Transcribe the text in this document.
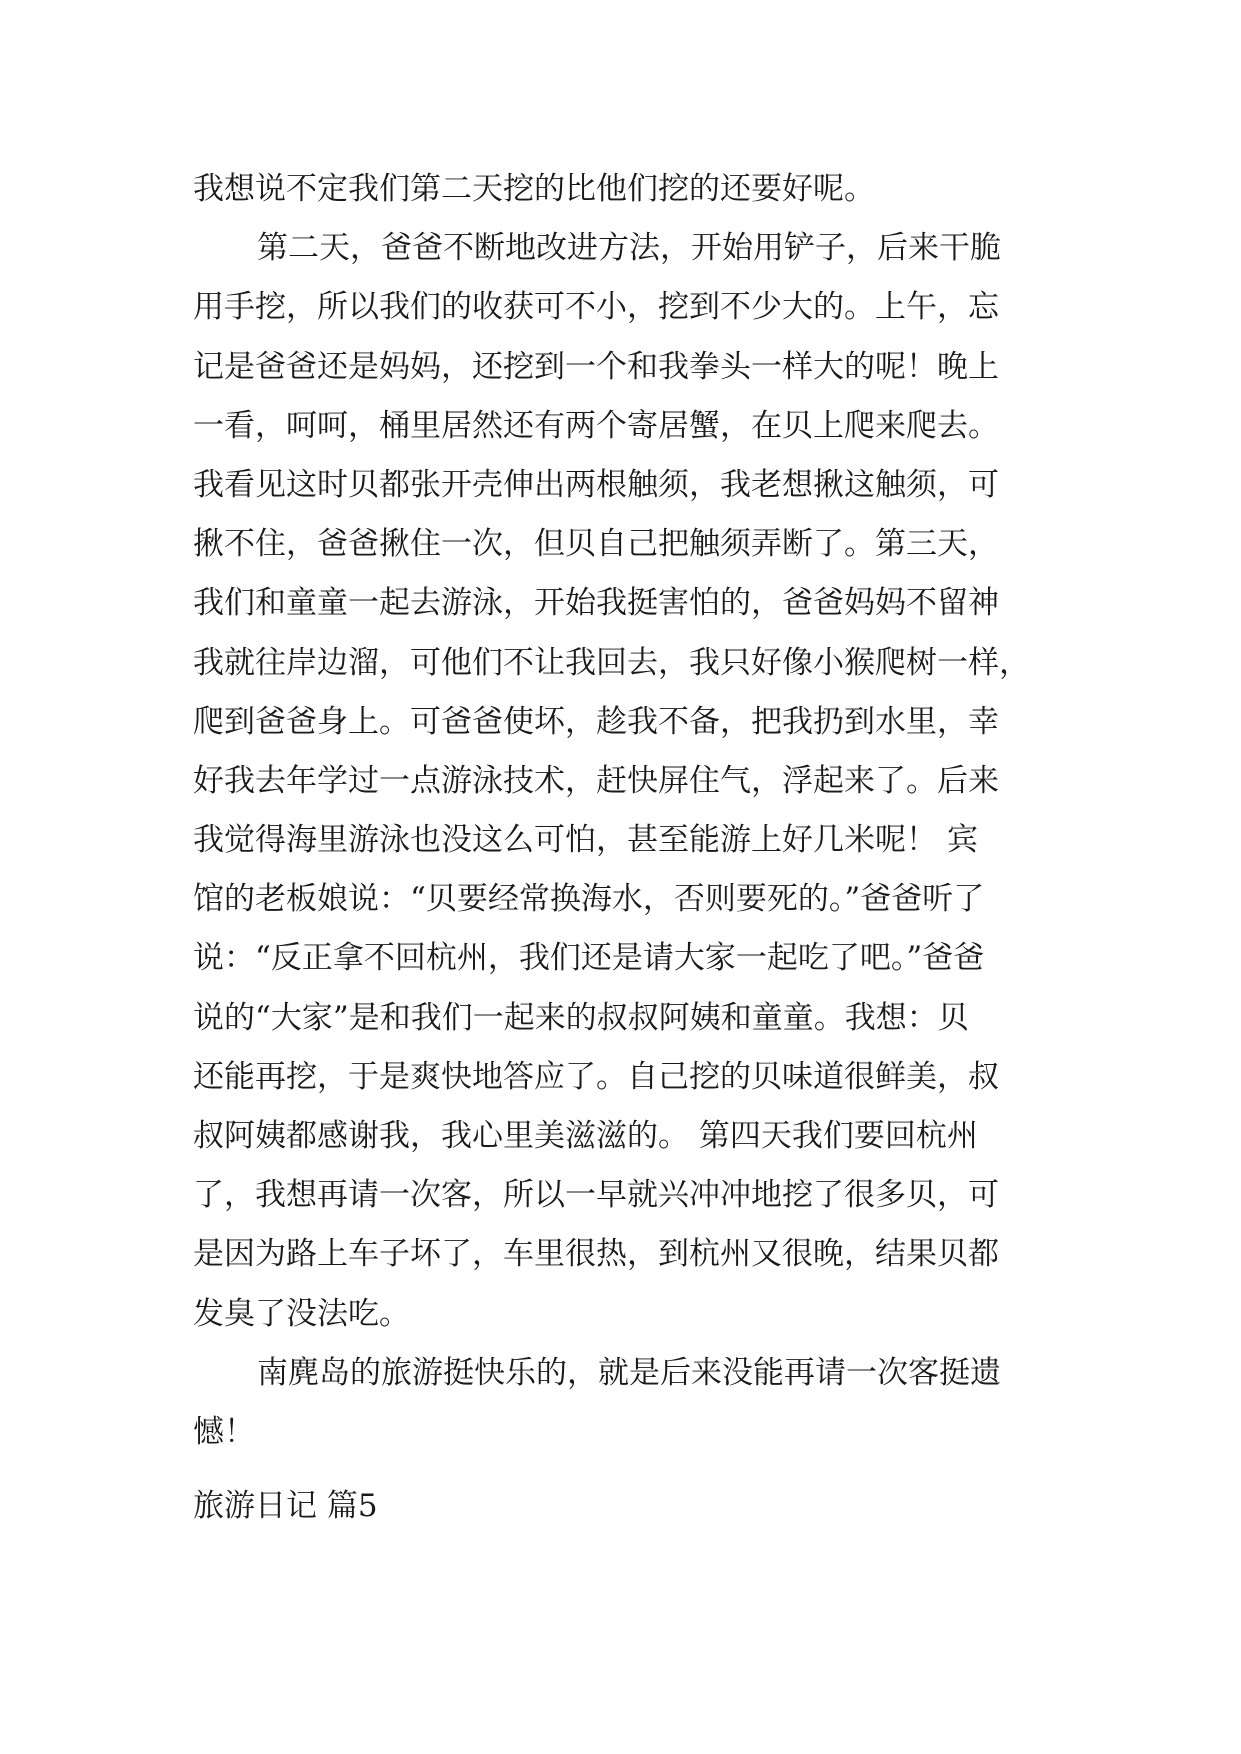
我想说不定我们第二天挖的比他们挖的还要好呢。
第二天，爸爸不断地改进方法，开始用铲子，后来干脆
用手挖，所以我们的收获可不小，挖到不少大的。上午，忘
记是爸爸还是妈妈，还挖到一个和我拳头一样大的呢！晚上
一看，呵呵，桶里居然还有两个寄居蟹，在贝上爬来爬去。
我看见这时贝都张开壳伸出两根触须，我老想揪这触须，可
揪不住，爸爸揪住一次，但贝自己把触须弄断了。第三天，
我们和童童一起去游泳，开始我挺害怕的，爸爸妈妈不留神
我就往岸边溜，可他们不让我回去，我只好像小猴爬树一样，
爬到爸爸身上。可爸爸使坏，趁我不备，把我扔到水里，幸
好我去年学过一点游泳技术，赶快屏住气，浮起来了。后来
我觉得海里游泳也没这么可怕，甚至能游上好几米呢！ 宾
馆的老板娘说：“贝要经常换海水，否则要死的。”爸爸听了
说：“反正拿不回杭州，我们还是请大家一起吃了吧。”爸爸
说的“大家”是和我们一起来的叔叔阿姨和童童。我想：贝
还能再挖，于是爽快地答应了。自己挖的贝味道很鲜美，叔
叔阿姨都感谢我，我心里美滋滋的。 第四天我们要回杭州
了，我想再请一次客，所以一早就兴冲冲地挖了很多贝，可
是因为路上车子坏了，车里很热，到杭州又很晚，结果贝都
发臭了没法吃。
南麂岛的旅游挺快乐的，就是后来没能再请一次客挺遗
憾！
旅游日记 篇5
